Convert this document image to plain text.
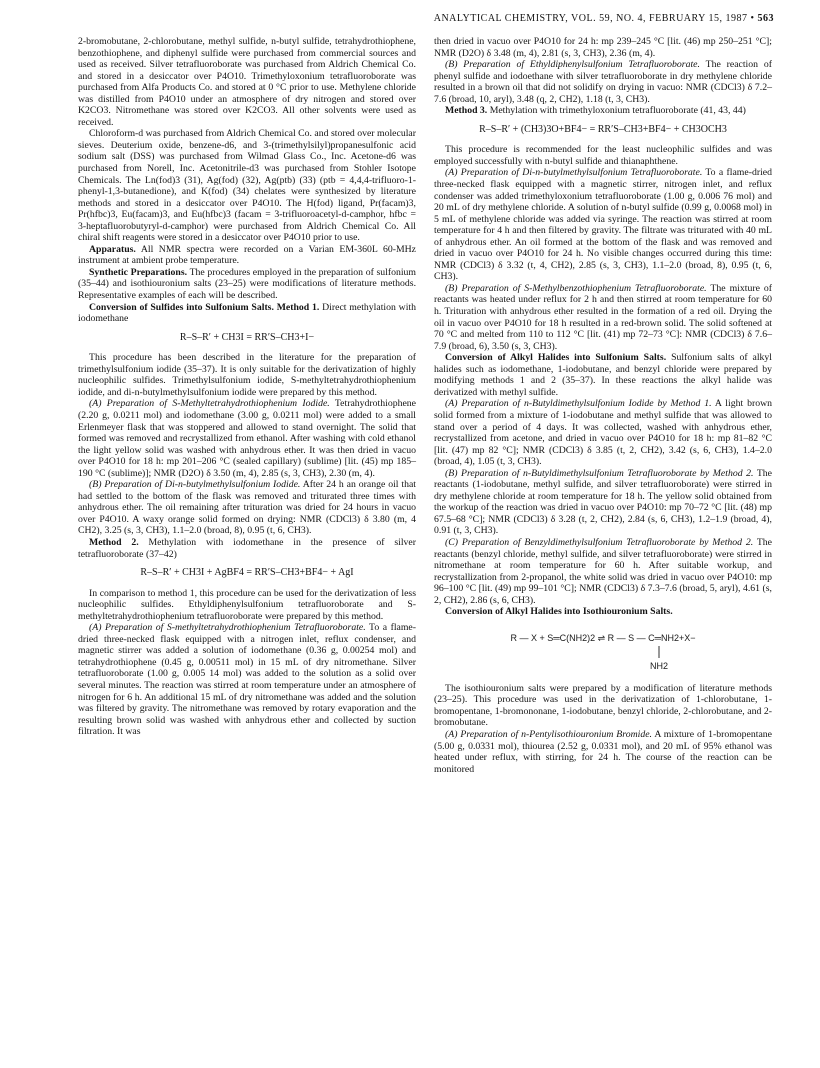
ANALYTICAL CHEMISTRY, VOL. 59, NO. 4, FEBRUARY 15, 1987 • 563

2-bromobutane, 2-chlorobutane, methyl sulfide, n-butyl sulfide, tetrahydrothiophene, benzothiophene, and diphenyl sulfide were purchased from commercial sources and used as received. Silver tetrafluoroborate was purchased from Aldrich Chemical Co. and stored in a desiccator over P4O10. Trimethyloxonium tetrafluoroborate was purchased from Alfa Products Co. and stored at 0 °C prior to use. Methylene chloride was distilled from P4O10 under an atmosphere of dry nitrogen and stored over K2CO3. Nitromethane was stored over K2CO3. All other solvents were used as received.

Chloroform-d was purchased from Aldrich Chemical Co. and stored over molecular sieves. Deuterium oxide, benzene-d6, and 3-(trimethylsilyl)propanesulfonic acid sodium salt (DSS) was purchased from Wilmad Glass Co., Inc. Acetone-d6 was purchased from Norell, Inc. Acetonitrile-d3 was purchased from Stohler Isotope Chemicals. The Ln(fod)3 (31), Ag(fod) (32), Ag(ptb) (33) (ptb = 4,4,4-trifluoro-1-phenyl-1,3-butanedione), and K(fod) (34) chelates were synthesized by literature methods and stored in a desiccator over P4O10. The H(fod) ligand, Pr(facam)3, Pr(hfbc)3, Eu(facam)3, and Eu(hfbc)3 (facam = 3-trifluoroacetyl-d-camphor, hfbc = 3-heptafluorobutyryl-d-camphor) were purchased from Aldrich Chemical Co. All chiral shift reagents were stored in a desiccator over P4O10 prior to use.

Apparatus. All NMR spectra were recorded on a Varian EM-360L 60-MHz instrument at ambient probe temperature.

Synthetic Preparations. The procedures employed in the preparation of sulfonium (35–44) and isothiouronium salts (23–25) were modifications of literature methods. Representative examples of each will be described.

Conversion of Sulfides into Sulfonium Salts. Method 1. Direct methylation with iodomethane

R–S–R′ + CH3I = RR′S–CH3+I−

This procedure has been described in the literature for the preparation of trimethylsulfonium iodide (35–37). It is only suitable for the derivatization of highly nucleophilic sulfides. Trimethylsulfonium iodide, S-methyltetrahydrothiophenium iodide, and di-n-butylmethylsulfonium iodide were prepared by this method.

(A) Preparation of S-Methyltetrahydrothiophenium Iodide. Tetrahydrothiophene (2.20 g, 0.0211 mol) and iodomethane (3.00 g, 0.0211 mol) were added to a small Erlenmeyer flask that was stoppered and allowed to stand overnight. The solid that formed was removed and recrystallized from ethanol. After washing with cold ethanol the light yellow solid was washed with anhydrous ether. It was then dried in vacuo over P4O10 for 18 h: mp 201–206 °C (sealed capillary) (sublime) [lit. (45) mp 185–190 °C (sublime)]; NMR (D2O) δ 3.50 (m, 4), 2.85 (s, 3, CH3), 2.30 (m, 4).

(B) Preparation of Di-n-butylmethylsulfonium Iodide. After 24 h an orange oil that had settled to the bottom of the flask was removed and triturated three times with anhydrous ether. The oil remaining after trituration was dried for 24 hours in vacuo over P4O10. A waxy orange solid formed on drying: NMR (CDCl3) δ 3.80 (m, 4 CH2), 3.25 (s, 3, CH3), 1.1–2.0 (broad, 8), 0.95 (t, 6, CH3).

Method 2. Methylation with iodomethane in the presence of silver tetrafluoroborate (37–42)

R–S–R′ + CH3I + AgBF4 = RR′S–CH3+BF4− + AgI

In comparison to method 1, this procedure can be used for the derivatization of less nucleophilic sulfides. Ethyldiphenylsulfonium tetrafluoroborate and S-methyltetrahydrothiophenium tetrafluoroborate were prepared by this method.

(A) Preparation of S-methyltetrahydrothiophenium Tetrafluoroborate. To a flame-dried three-necked flask equipped with a nitrogen inlet, reflux condenser, and magnetic stirrer was added a solution of iodomethane (0.36 g, 0.00254 mol) and tetrahydrothiophene (0.45 g, 0.00511 mol) in 15 mL of dry nitromethane. Silver tetrafluoroborate (1.00 g, 0.005 14 mol) was added to the solution as a solid over several minutes. The reaction was stirred at room temperature under an atmosphere of nitrogen for 6 h. An additional 15 mL of dry nitromethane was added and the solution was filtered by gravity. The nitromethane was removed by rotary evaporation and the resulting brown solid was washed with anhydrous ether and collected by suction filtration. It was

then dried in vacuo over P4O10 for 24 h: mp 239–245 °C [lit. (46) mp 250–251 °C]; NMR (D2O) δ 3.48 (m, 4), 2.81 (s, 3, CH3), 2.36 (m, 4).

(B) Preparation of Ethyldiphenylsulfonium Tetrafluoroborate. The reaction of phenyl sulfide and iodoethane with silver tetrafluoroborate in dry methylene chloride resulted in a brown oil that did not solidify on drying in vacuo: NMR (CDCl3) δ 7.2–7.6 (broad, 10, aryl), 3.48 (q, 2, CH2), 1.18 (t, 3, CH3).

Method 3. Methylation with trimethyloxonium tetrafluoroborate (41, 43, 44)

R–S–R′ + (CH3)3O+BF4− = RR′S–CH3+BF4− + CH3OCH3

This procedure is recommended for the least nucleophilic sulfides and was employed successfully with n-butyl sulfide and thianaphthene.

(A) Preparation of Di-n-butylmethylsulfonium Tetrafluoroborate. To a flame-dried three-necked flask equipped with a magnetic stirrer, nitrogen inlet, and reflux condenser was added trimethyloxonium tetrafluoroborate (1.00 g, 0.006 76 mol) and 20 mL of dry methylene chloride. A solution of n-butyl sulfide (0.99 g, 0.0068 mol) in 5 mL of methylene chloride was added via syringe. The reaction was stirred at room temperature for 4 h and then filtered by gravity. The filtrate was triturated with 40 mL of anhydrous ether. An oil formed at the bottom of the flask and was removed and dried in vacuo over P4O10 for 24 h. No visible changes occurred during this time: NMR (CDCl3) δ 3.32 (t, 4, CH2), 2.85 (s, 3, CH3), 1.1–2.0 (broad, 8), 0.95 (t, 6, CH3).

(B) Preparation of S-Methylbenzothiophenium Tetrafluoroborate. The mixture of reactants was heated under reflux for 2 h and then stirred at room temperature for 60 h. Trituration with anhydrous ether resulted in the formation of a red oil. Drying the oil in vacuo over P4O10 for 18 h resulted in a red-brown solid. The solid softened at 70 °C and melted from 110 to 112 °C [lit. (41) mp 72–73 °C]: NMR (CDCl3) δ 7.6–7.9 (broad, 6), 3.50 (s, 3, CH3).

Conversion of Alkyl Halides into Sulfonium Salts. Sulfonium salts of alkyl halides such as iodomethane, 1-iodobutane, and benzyl chloride were prepared by modifying methods 1 and 2 (35–37). In these reactions the alkyl halide was derivatized with methyl sulfide.

(A) Preparation of n-Butyldimethylsulfonium Iodide by Method 1. A light brown solid formed from a mixture of 1-iodobutane and methyl sulfide that was allowed to stand over a period of 4 days. It was collected, washed with anhydrous ether, recrystallized from acetone, and dried in vacuo over P4O10 for 18 h: mp 81–82 °C [lit. (47) mp 82 °C]; NMR (CDCl3) δ 3.85 (t, 2, CH2), 3.42 (s, 6, CH3), 1.4–2.0 (broad, 4), 1.05 (t, 3, CH3).

(B) Preparation of n-Butyldimethylsulfonium Tetrafluoroborate by Method 2. The reactants (1-iodobutane, methyl sulfide, and silver tetrafluoroborate) were stirred in dry methylene chloride at room temperature for 18 h. The yellow solid obtained from the workup of the reaction was dried in vacuo over P4O10: mp 70–72 °C [lit. (48) mp 67.5–68 °C]; NMR (CDCl3) δ 3.28 (t, 2, CH2), 2.84 (s, 6, CH3), 1.2–1.9 (broad, 4), 0.91 (t, 3, CH3).

(C) Preparation of Benzyldimethylsulfonium Tetrafluoroborate by Method 2. The reactants (benzyl chloride, methyl sulfide, and silver tetrafluoroborate) were stirred in nitromethane at room temperature for 60 h. After suitable workup, and recrystallization from 2-propanol, the white solid was dried in vacuo over P4O10: mp 96–100 °C [lit. (49) mp 99–101 °C]; NMR (CDCl3) δ 7.3–7.6 (broad, 5, aryl), 4.61 (s, 2, CH2), 2.86 (s, 6, CH3).

Conversion of Alkyl Halides into Isothiouronium Salts.

R — X + S═C(NH2)2 ⇌ R — S — C═NH2+X−
NH2

The isothiouronium salts were prepared by a modification of literature methods (23–25). This procedure was used in the derivatization of 1-chlorobutane, 1-bromopentane, 1-bromononane, 1-iodobutane, benzyl chloride, 2-chlorobutane, and 2-bromobutane.

(A) Preparation of n-Pentylisothiouronium Bromide. A mixture of 1-bromopentane (5.00 g, 0.0331 mol), thiourea (2.52 g, 0.0331 mol), and 20 mL of 95% ethanol was heated under reflux, with stirring, for 24 h. The course of the reaction can be monitored
